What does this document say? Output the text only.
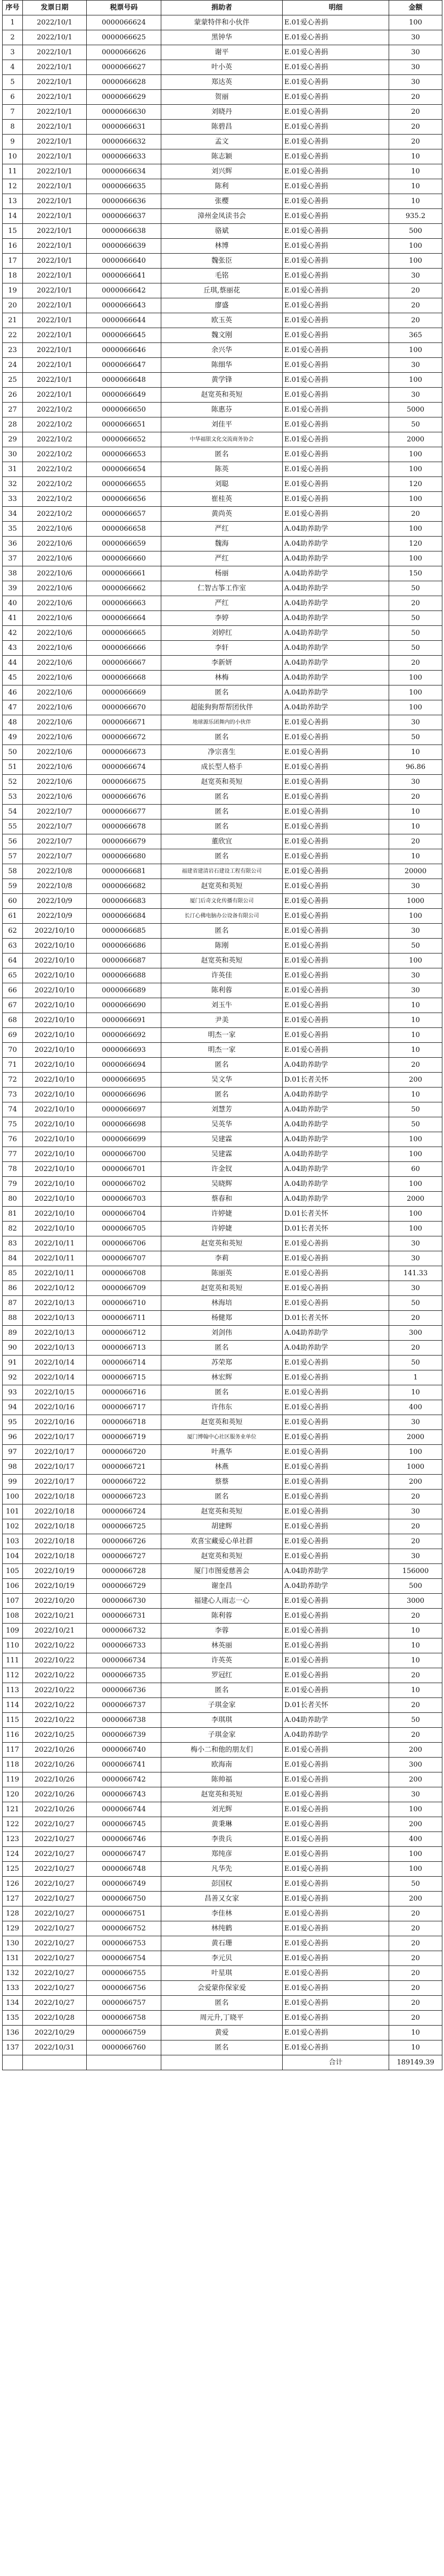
序号	发票日期	税票号码	捐助者	明细	金额
1	2022/10/1	0000066624	蒙蒙特伴和小伙伴	E.01爱心善捐	100
2	2022/10/1	0000066625	黑钟华	E.01爱心善捐	30
3	2022/10/1	0000066626	谢平	E.01爱心善捐	30
4	2022/10/1	0000066627	叶小英	E.01爱心善捐	30
5	2022/10/1	0000066628	郑达英	E.01爱心善捐	30
6	2022/10/1	0000066629	贺丽	E.01爱心善捐	20
7	2022/10/1	0000066630	刘晓丹	E.01爱心善捐	20
8	2022/10/1	0000066631	陈碧昌	E.01爱心善捐	20
9	2022/10/1	0000066632	孟文	E.01爱心善捐	20
10	2022/10/1	0000066633	陈志颖	E.01爱心善捐	10
11	2022/10/1	0000066634	刘兴辉	E.01爱心善捐	10
12	2022/10/1	0000066635	陈利	E.01爱心善捐	10
13	2022/10/1	0000066636	张樱	E.01爱心善捐	10
14	2022/10/1	0000066637	漳州金凤读书会	E.01爱心善捐	935.2
15	2022/10/1	0000066638	骆斌	E.01爱心善捐	500
16	2022/10/1	0000066639	林博	E.01爱心善捐	100
17	2022/10/1	0000066640	魏张臣	E.01爱心善捐	100
18	2022/10/1	0000066641	毛铭	E.01爱心善捐	30
19	2022/10/1	0000066642	丘琪,蔡丽花	E.01爱心善捐	20
20	2022/10/1	0000066643	廖盛	E.01爱心善捐	20
21	2022/10/1	0000066644	欧玉英	E.01爱心善捐	20
22	2022/10/1	0000066645	魏文刚	E.01爱心善捐	365
23	2022/10/1	0000066646	余兴华	E.01爱心善捐	100
24	2022/10/1	0000066647	陈细华	E.01爱心善捐	30
25	2022/10/1	0000066648	黄学锋	E.01爱心善捐	100
26	2022/10/1	0000066649	赵宽英和英短	E.01爱心善捐	30
27	2022/10/2	0000066650	陈惠芬	E.01爱心善捐	5000
28	2022/10/2	0000066651	刘佳平	E.01爱心善捐	50
29	2022/10/2	0000066652	中华福银文化交流商务协会	E.01爱心善捐	2000
30	2022/10/2	0000066653	匿名	E.01爱心善捐	100
31	2022/10/2	0000066654	陈英	E.01爱心善捐	100
32	2022/10/2	0000066655	刘聪	E.01爱心善捐	120
33	2022/10/2	0000066656	崔桂英	E.01爱心善捐	100
34	2022/10/2	0000066657	黄尚英	E.01爱心善捐	20
35	2022/10/6	0000066658	严红	A.04助养助学	100
36	2022/10/6	0000066659	魏海	A.04助养助学	120
37	2022/10/6	0000066660	严红	A.04助养助学	100
38	2022/10/6	0000066661	杨丽	A.04助养助学	150
39	2022/10/6	0000066662	仁智古筝工作室	A.04助养助学	50
40	2022/10/6	0000066663	严红	A.04助养助学	20
41	2022/10/6	0000066664	李婷	A.04助养助学	50
42	2022/10/6	0000066665	刘婷红	A.04助养助学	50
43	2022/10/6	0000066666	李轩	A.04助养助学	50
44	2022/10/6	0000066667	李新妍	A.04助养助学	20
45	2022/10/6	0000066668	林梅	A.04助养助学	100
46	2022/10/6	0000066669	匿名	A.04助养助学	100
47	2022/10/6	0000066670	超能狗狗帮帮团伙伴	A.04助养助学	100
48	2022/10/6	0000066671	地球源乐团舞内的小伙伴	E.01爱心善捐	30
49	2022/10/6	0000066672	匿名	E.01爱心善捐	50
50	2022/10/6	0000066673	净宗喜生	E.01爱心善捐	10
51	2022/10/6	0000066674	成长型人格手	E.01爱心善捐	96.86
52	2022/10/6	0000066675	赵宽英和英短	E.01爱心善捐	30
53	2022/10/6	0000066676	匿名	E.01爱心善捐	20
54	2022/10/7	0000066677	匿名	E.01爱心善捐	10
55	2022/10/7	0000066678	匿名	E.01爱心善捐	10
56	2022/10/7	0000066679	董欣宜	E.01爱心善捐	20
57	2022/10/7	0000066680	匿名	E.01爱心善捐	10
58	2022/10/8	0000066681	福建省建清岩石建设工程有限公司	E.01爱心善捐	20000
59	2022/10/8	0000066682	赵宽英和英短	E.01爱心善捐	30
60	2022/10/9	0000066683	厦门后奇文化传播有限公司	E.01爱心善捐	1000
61	2022/10/9	0000066684	长汀心佛电脑办公设备有限公司	E.01爱心善捐	100
62	2022/10/10	0000066685	匿名	E.01爱心善捐	30
63	2022/10/10	0000066686	陈刚	E.01爱心善捐	50
64	2022/10/10	0000066687	赵宽英和英短	E.01爱心善捐	100
65	2022/10/10	0000066688	许英佳	E.01爱心善捐	30
66	2022/10/10	0000066689	陈利蓉	E.01爱心善捐	30
67	2022/10/10	0000066690	刘玉牛	E.01爱心善捐	10
68	2022/10/10	0000066691	尹美	E.01爱心善捐	10
69	2022/10/10	0000066692	明杰一家	E.01爱心善捐	10
70	2022/10/10	0000066693	明杰一家	E.01爱心善捐	10
71	2022/10/10	0000066694	匿名	A.04助养助学	20
72	2022/10/10	0000066695	吴文华	D.01长者关怀	200
73	2022/10/10	0000066696	匿名	A.04助养助学	10
74	2022/10/10	0000066697	刘慧芳	A.04助养助学	50
75	2022/10/10	0000066698	吴英华	A.04助养助学	50
76	2022/10/10	0000066699	吴建霖	A.04助养助学	100
77	2022/10/10	0000066700	吴建霖	A.04助养助学	100
78	2022/10/10	0000066701	许金钗	A.04助养助学	60
79	2022/10/10	0000066702	吴晓辉	A.04助养助学	100
80	2022/10/10	0000066703	蔡春和	A.04助养助学	2000
81	2022/10/10	0000066704	许婷婕	D.01长者关怀	100
82	2022/10/10	0000066705	许婷婕	D.01长者关怀	100
83	2022/10/11	0000066706	赵宽英和英短	E.01爱心善捐	30
84	2022/10/11	0000066707	李莉	E.01爱心善捐	30
85	2022/10/11	0000066708	陈丽英	E.01爱心善捐	141.33
86	2022/10/12	0000066709	赵宽英和英短	E.01爱心善捐	30
87	2022/10/13	0000066710	林海培	E.01爱心善捐	50
88	2022/10/13	0000066711	杨健郑	D.01长者关怀	20
89	2022/10/13	0000066712	刘剑伟	A.04助养助学	300
90	2022/10/13	0000066713	匿名	A.04助养助学	20
91	2022/10/14	0000066714	苏荣郑	E.01爱心善捐	50
92	2022/10/14	0000066715	林宏辉	E.01爱心善捐	1
93	2022/10/15	0000066716	匿名	E.01爱心善捐	10
94	2022/10/16	0000066717	许伟东	E.01爱心善捐	400
95	2022/10/16	0000066718	赵宽英和英短	E.01爱心善捐	30
96	2022/10/17	0000066719	厦门博翰中心社区服务业单位	E.01爱心善捐	2000
97	2022/10/17	0000066720	叶燕华	E.01爱心善捐	100
98	2022/10/17	0000066721	林燕	E.01爱心善捐	1000
99	2022/10/17	0000066722	蔡蔡	E.01爱心善捐	200
100	2022/10/18	0000066723	匿名	E.01爱心善捐	20
101	2022/10/18	0000066724	赵宽英和英短	E.01爱心善捐	30
102	2022/10/18	0000066725	胡建辉	E.01爱心善捐	20
103	2022/10/18	0000066726	欢喜宝藏爱心单社群	E.01爱心善捐	20
104	2022/10/18	0000066727	赵宽英和英短	E.01爱心善捐	30
105	2022/10/19	0000066728	厦门市图爱慈善会	A.04助养助学	156000
106	2022/10/19	0000066729	谢奎昌	A.04助养助学	500
107	2022/10/20	0000066730	福建心人雨志一心	E.01爱心善捐	3000
108	2022/10/21	0000066731	陈利蓉	E.01爱心善捐	20
109	2022/10/21	0000066732	李蓉	E.01爱心善捐	10
110	2022/10/22	0000066733	林英丽	E.01爱心善捐	10
111	2022/10/22	0000066734	许英英	E.01爱心善捐	10
112	2022/10/22	0000066735	罗冠红	E.01爱心善捐	20
113	2022/10/22	0000066736	匿名	E.01爱心善捐	10
114	2022/10/22	0000066737	子琪金家	D.01长者关怀	20
115	2022/10/22	0000066738	李琪琪	A.04助养助学	50
116	2022/10/25	0000066739	子琪金家	A.04助养助学	20
117	2022/10/26	0000066740	梅小二和他的朋友们	E.01爱心善捐	200
118	2022/10/26	0000066741	欧海南	E.01爱心善捐	300
119	2022/10/26	0000066742	陈帅福	E.01爱心善捐	200
120	2022/10/26	0000066743	赵宽英和英短	E.01爱心善捐	30
121	2022/10/26	0000066744	刘光辉	E.01爱心善捐	100
122	2022/10/27	0000066745	黄秉琳	E.01爱心善捐	200
123	2022/10/27	0000066746	李贵兵	E.01爱心善捐	400
124	2022/10/27	0000066747	郑纯彦	E.01爱心善捐	100
125	2022/10/27	0000066748	凡华先	E.01爱心善捐	100
126	2022/10/27	0000066749	彭国权	E.01爱心善捐	50
127	2022/10/27	0000066750	昌善又女家	E.01爱心善捐	200
128	2022/10/27	0000066751	李佳林	E.01爱心善捐	20
129	2022/10/27	0000066752	林纯鹤	E.01爱心善捐	20
130	2022/10/27	0000066753	黄石珊	E.01爱心善捐	20
131	2022/10/27	0000066754	李元贝	E.01爱心善捐	20
132	2022/10/27	0000066755	叶星琪	E.01爱心善捐	20
133	2022/10/27	0000066756	会爱蒙你保家爱	E.01爱心善捐	20
134	2022/10/27	0000066757	匿名	E.01爱心善捐	20
135	2022/10/28	0000066758	周元升,丁晓平	E.01爱心善捐	20
136	2022/10/29	0000066759	黄爱	E.01爱心善捐	10
137	2022/10/31	0000066760	匿名	E.01爱心善捐	10
				合计	189149.39
